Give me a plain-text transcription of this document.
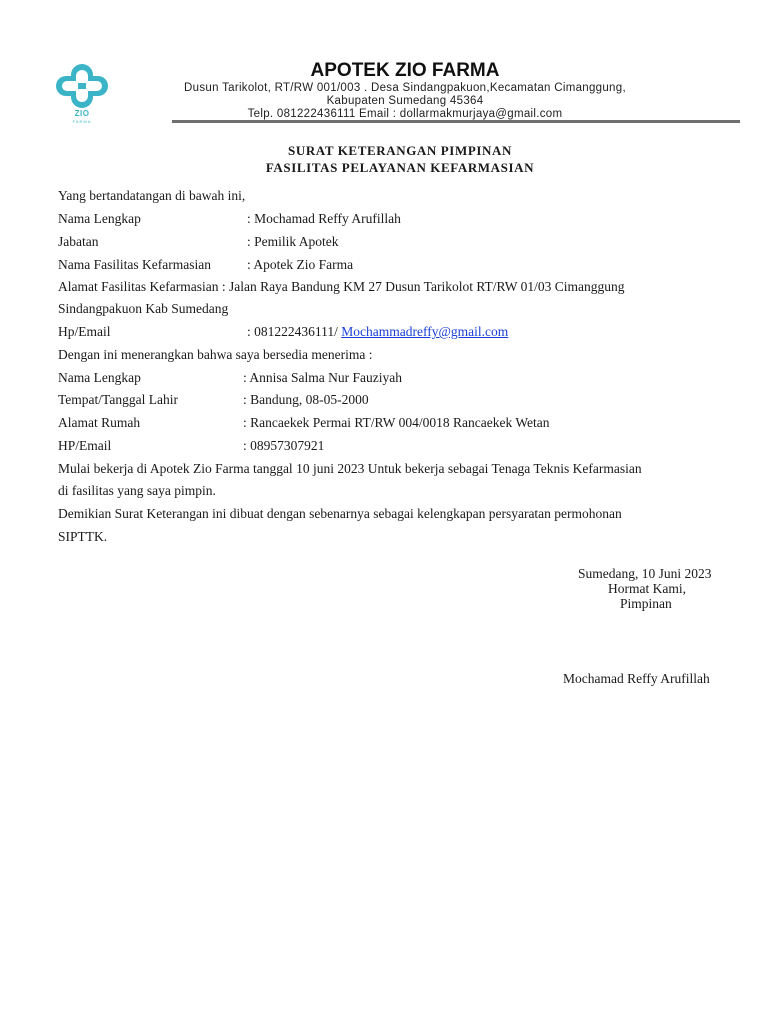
ZIO
FARMA
APOTEK ZIO FARMA
Dusun Tarikolot, RT/RW 001/003 . Desa Sindangpakuon,Kecamatan Cimanggung,
Kabupaten Sumedang 45364
Telp. 081222436111 Email : dollarmakmurjaya@gmail.com
SURAT KETERANGAN PIMPINAN
FASILITAS PELAYANAN KEFARMASIAN
Yang bertandatangan di bawah ini,
Nama Lengkap	: Mochamad Reffy Arufillah
Jabatan	: Pemilik Apotek
Nama Fasilitas Kefarmasian	: Apotek Zio Farma
Alamat Fasilitas Kefarmasian : Jalan Raya Bandung KM 27 Dusun Tarikolot RT/RW 01/03 Cimanggung
Sindangpakuon Kab Sumedang
Hp/Email	: 081222436111/ Mochammadreffy@gmail.com
Dengan ini menerangkan bahwa saya bersedia menerima :
Nama Lengkap	: Annisa Salma Nur Fauziyah
Tempat/Tanggal Lahir	: Bandung, 08-05-2000
Alamat Rumah	: Rancaekek Permai RT/RW 004/0018 Rancaekek Wetan
HP/Email	: 08957307921
Mulai bekerja di Apotek Zio Farma tanggal 10 juni 2023 Untuk bekerja sebagai Tenaga Teknis Kefarmasian
di fasilitas yang saya pimpin.
Demikian Surat Keterangan ini dibuat dengan sebenarnya sebagai kelengkapan persyaratan permohonan
SIPTTK.
Sumedang, 10 Juni 2023
Hormat Kami,
Pimpinan
Mochamad Reffy Arufillah
